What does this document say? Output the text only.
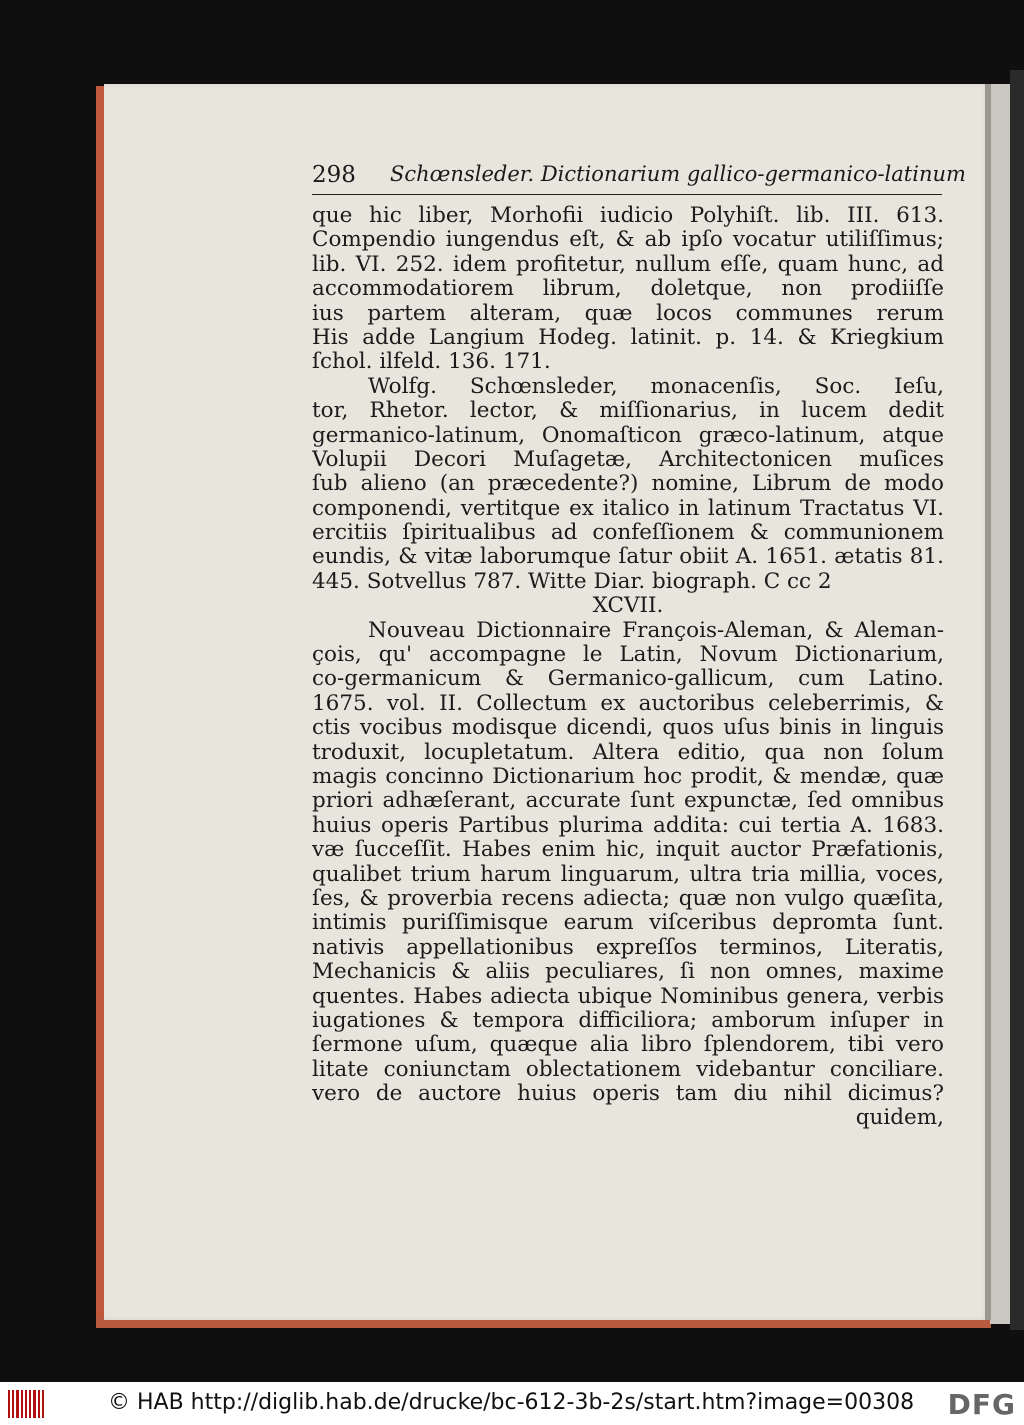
298 Schœnsleder. Dictionarium gallico-germanico-latinum
que hic liber, Morhofii iudicio Polyhiſt. lib. III. 613.
Compendio iungendus eſt, & ab ipſo vocatur utiliſſimus;
lib. VI. 252. idem profitetur, nullum eſſe, quam hunc, ad
accommodatiorem librum, doletque, non prodiiſſe
ius partem alteram, quæ locos communes rerum
His adde Langium Hodeg. latinit. p. 14. & Kriegkium
ſchol. ilfeld. 136. 171.
Wolfg. Schœnsleder, monacenſis, Soc. Ieſu,
tor, Rhetor. lector, & miſſionarius, in lucem dedit
germanico-latinum, Onomaſticon græco-latinum, atque
Volupii Decori Muſagetæ, Architectonicen muſices
ſub alieno (an præcedente?) nomine, Librum de modo
componendi, vertitque ex italico in latinum Tractatus VI.
ercitiis ſpiritualibus ad confeſſionem & communionem
eundis, & vitæ laborumque ſatur obiit A. 1651. ætatis 81.
445. Sotvellus 787. Witte Diar. biograph. C cc 2
XCVII.
Nouveau Dictionnaire François-Aleman, & Aleman-
çois, qu' accompagne le Latin, Novum Dictionarium,
co-germanicum & Germanico-gallicum, cum Latino.
1675. vol. II. Collectum ex auctoribus celeberrimis, &
ctis vocibus modisque dicendi, quos uſus binis in linguis
troduxit, locupletatum. Altera editio, qua non ſolum
magis concinno Dictionarium hoc prodit, & mendæ, quæ
priori adhæſerant, accurate ſunt expunctæ, ſed omnibus
huius operis Partibus plurima addita: cui tertia A. 1683.
væ ſucceſſit. Habes enim hic, inquit auctor Præfationis,
qualibet trium harum linguarum, ultra tria millia, voces,
ſes, & proverbia recens adiecta; quæ non vulgo quæſita,
intimis puriſſimisque earum viſceribus depromta ſunt.
nativis appellationibus expreſſos terminos, Literatis,
Mechanicis & aliis peculiares, ſi non omnes, maxime
quentes. Habes adiecta ubique Nominibus genera, verbis
iugationes & tempora difficiliora; amborum inſuper in
ſermone uſum, quæque alia libro ſplendorem, tibi vero
litate coniunctam oblectationem videbantur conciliare.
vero de auctore huius operis tam diu nihil dicimus?
quidem,
© HAB http://diglib.hab.de/drucke/bc-612-3b-2s/start.htm?image=00308 DFG
